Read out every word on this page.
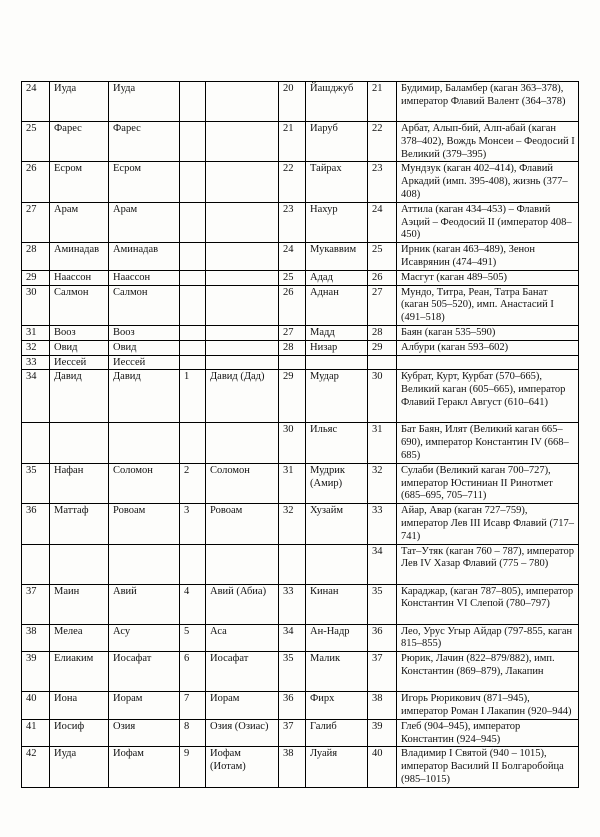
24	Иуда	Иуда			20	Йашджуб	21	Будимир, Баламбер (каган 363–378), император Флавий Валент (364–378)
25	Фарес	Фарес			21	Иаруб	22	Арбат, Алып-бий, Алп-абай (каган 378–402), Вождь Монсеи – Феодосий I Великий (379–395)
26	Есром	Есром			22	Тайрах	23	Мундзук (каган 402–414), Флавий Аркадий (имп. 395-408), жизнь (377–408)
27	Арам	Арам			23	Нахур	24	Аттила (каган 434–453) – Флавий Аэций – Феодосий II (император 408–450)
28	Аминадав	Аминадав			24	Мукаввим	25	Ирник (каган 463–489), Зенон Исаврянин (474–491)
29	Наассон	Наассон			25	Адад	26	Масгут (каган 489–505)
30	Салмон	Салмон			26	Аднан	27	Мундо, Титра, Реан, Татра Банат (каган 505–520), имп. Анастасий I (491–518)
31	Вооз	Вооз			27	Мадд	28	Баян (каган 535–590)
32	Овид	Овид			28	Низар	29	Албури (каган 593–602)
33	Иессей	Иессей						
34	Давид	Давид	1	Давид (Дад)	29	Мудар	30	Кубрат, Курт, Курбат (570–665), Великий каган (605–665), император Флавий Геракл Август (610–641)
					30	Ильяс	31	Бат Баян, Илят (Великий каган 665–690), император Константин IV (668–685)
35	Нафан	Соломон	2	Соломон	31	Мудрик (Амир)	32	Сулаби (Великий каган 700–727), император Юстиниан II Ринотмет (685–695, 705–711)
36	Маттаф	Ровоам	3	Ровоам	32	Хузайм	33	Айар, Авар (каган 727–759), император Лев III Исавр Флавий (717–741)
							34	Тат–Утяк (каган 760 – 787), император Лев IV Хазар Флавий (775 – 780)
37	Маин	Авий	4	Авий (Абиа)	33	Кинан	35	Караджар, (каган 787–805), император Константин VI Слепой (780–797)
38	Мелеа	Асу	5	Аса	34	Ан-Надр	36	Лео, Урус Угыр Айдар (797-855, каган 815–855)
39	Елиаким	Иосафат	6	Иосафат	35	Малик	37	Рюрик, Лачин (822–879/882), имп. Константин (869–879), Лакапин
40	Иона	Иорам	7	Иорам	36	Фирх	38	Игорь Рюрикович (871–945), император Роман I Лакапин (920–944)
41	Иосиф	Озия	8	Озия (Озиас)	37	Галиб	39	Глеб (904–945), император Константин (924–945)
42	Иуда	Иофам	9	Иофам (Иотам)	38	Луайя	40	Владимир I Святой (940 – 1015), император Василий II Болгаробойца (985–1015)
